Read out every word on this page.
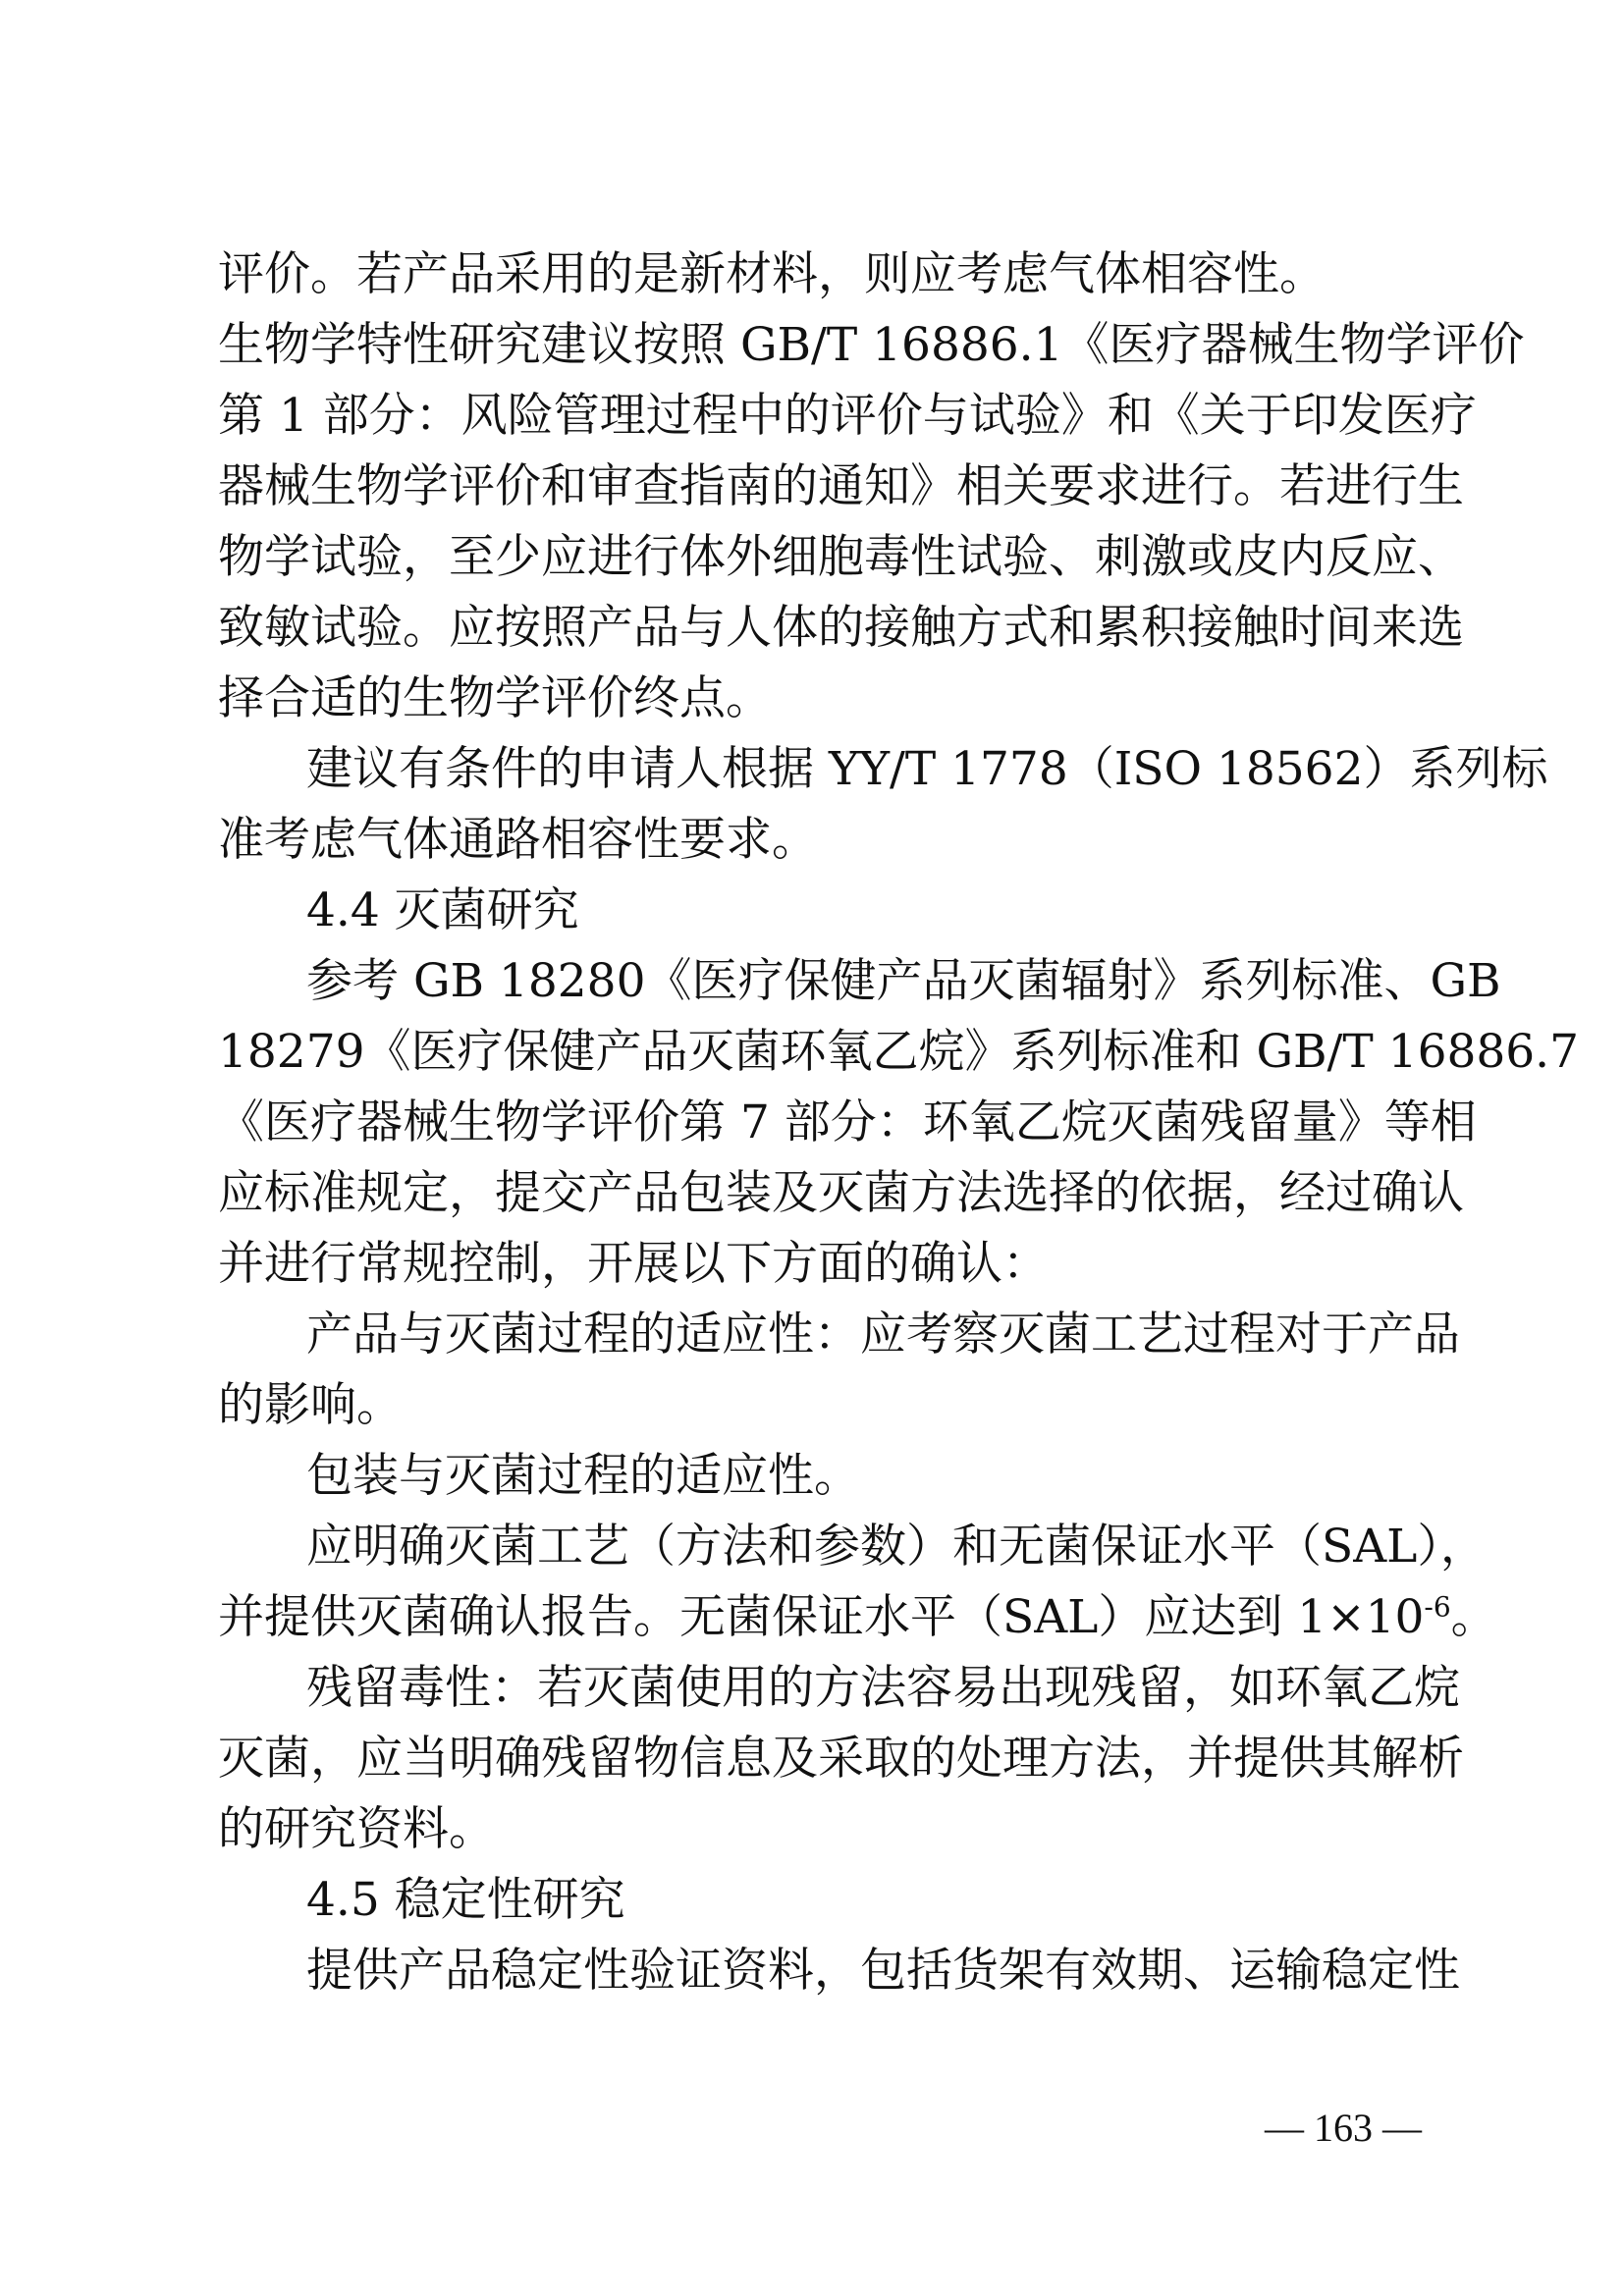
评价。若产品采用的是新材料，则应考虑气体相容性。
生物学特性研究建议按照 GB/T 16886.1《医疗器械生物学评价
第 1 部分：风险管理过程中的评价与试验》和《关于印发医疗
器械生物学评价和审查指南的通知》相关要求进行。若进行生
物学试验，至少应进行体外细胞毒性试验、刺激或皮内反应、
致敏试验。应按照产品与人体的接触方式和累积接触时间来选
择合适的生物学评价终点。
建议有条件的申请人根据 YY/T 1778（ISO 18562）系列标
准考虑气体通路相容性要求。
4.4 灭菌研究
参考 GB 18280《医疗保健产品灭菌辐射》系列标准、GB
18279《医疗保健产品灭菌环氧乙烷》系列标准和 GB/T 16886.7
《医疗器械生物学评价第 7 部分：环氧乙烷灭菌残留量》等相
应标准规定，提交产品包装及灭菌方法选择的依据，经过确认
并进行常规控制，开展以下方面的确认：
产品与灭菌过程的适应性：应考察灭菌工艺过程对于产品
的影响。
包装与灭菌过程的适应性。
应明确灭菌工艺（方法和参数）和无菌保证水平（SAL），
并提供灭菌确认报告。无菌保证水平（SAL）应达到 $1\times 10^{-6}$。
残留毒性：若灭菌使用的方法容易出现残留，如环氧乙烷
灭菌，应当明确残留物信息及采取的处理方法，并提供其解析
的研究资料。
4.5 稳定性研究
提供产品稳定性验证资料，包括货架有效期、运输稳定性
— 163 —
